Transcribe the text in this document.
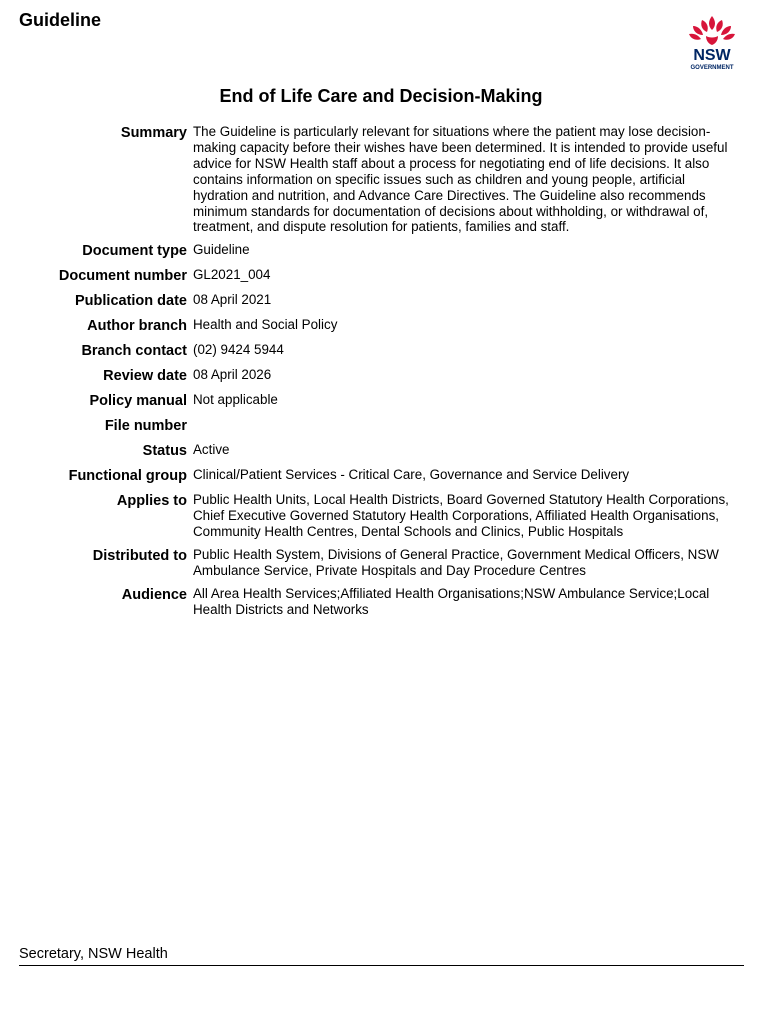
Guideline
NSW
GOVERNMENT
End of Life Care and Decision-Making
Summary The Guideline is particularly relevant for situations where the patient may lose decision-making capacity before their wishes have been determined. It is intended to provide useful advice for NSW Health staff about a process for negotiating end of life decisions. It also contains information on specific issues such as children and young people, artificial hydration and nutrition, and Advance Care Directives. The Guideline also recommends minimum standards for documentation of decisions about withholding, or withdrawal of, treatment, and dispute resolution for patients, families and staff.
Document type Guideline
Document number GL2021_004
Publication date 08 April 2021
Author branch Health and Social Policy
Branch contact (02) 9424 5944
Review date 08 April 2026
Policy manual Not applicable
File number
Status Active
Functional group Clinical/Patient Services - Critical Care, Governance and Service Delivery
Applies to Public Health Units, Local Health Districts, Board Governed Statutory Health Corporations, Chief Executive Governed Statutory Health Corporations, Affiliated Health Organisations, Community Health Centres, Dental Schools and Clinics, Public Hospitals
Distributed to Public Health System, Divisions of General Practice, Government Medical Officers, NSW Ambulance Service, Private Hospitals and Day Procedure Centres
Audience All Area Health Services;Affiliated Health Organisations;NSW Ambulance Service;Local Health Districts and Networks
Secretary, NSW Health
